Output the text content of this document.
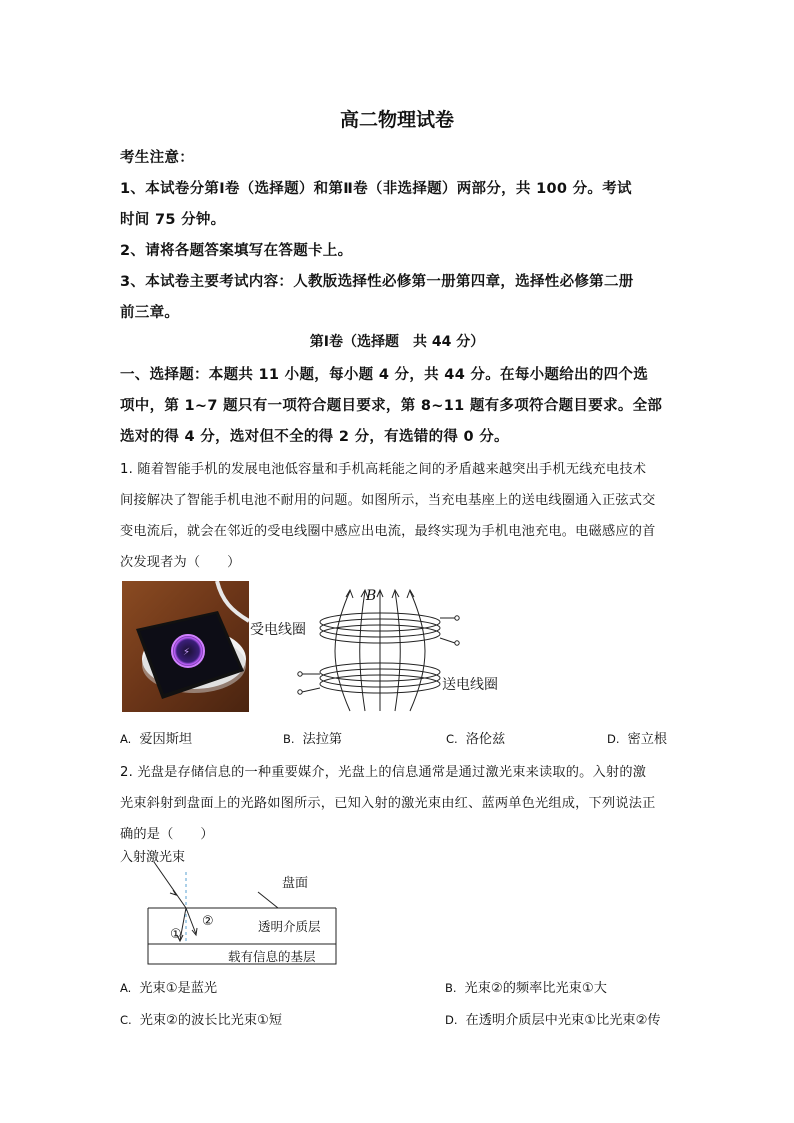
高二物理试卷
考生注意：
1、本试卷分第Ⅰ卷（选择题）和第Ⅱ卷（非选择题）两部分，共 100 分。考试
时间 75 分钟。
2、请将各题答案填写在答题卡上。
3、本试卷主要考试内容：人教版选择性必修第一册第四章，选择性必修第二册
前三章。
第Ⅰ卷（选择题　共 44 分）
一、选择题：本题共 11 小题，每小题 4 分，共 44 分。在每小题给出的四个选
项中，第 1~7 题只有一项符合题目要求，第 8~11 题有多项符合题目要求。全部
选对的得 4 分，选对但不全的得 2 分，有选错的得 0 分。
1. 随着智能手机的发展电池低容量和手机高耗能之间的矛盾越来越突出手机无线充电技术
间接解决了智能手机电池不耐用的问题。如图所示，当充电基座上的送电线圈通入正弦式交
变电流后，就会在邻近的受电线圈中感应出电流，最终实现为手机电池充电。电磁感应的首
次发现者为（　　）
⚡
B
受电线圈
送电线圈
A. 爱因斯坦	B. 法拉第	C. 洛伦兹	D. 密立根
2. 光盘是存储信息的一种重要媒介，光盘上的信息通常是通过激光束来读取的。入射的激
光束斜射到盘面上的光路如图所示，已知入射的激光束由红、蓝两单色光组成，下列说法正
确的是（　　）
入射激光束
盘面
透明介质层
载有信息的基层
①
②
A. 光束①是蓝光	B. 光束②的频率比光束①大
C. 光束②的波长比光束①短	D. 在透明介质层中光束①比光束②传
